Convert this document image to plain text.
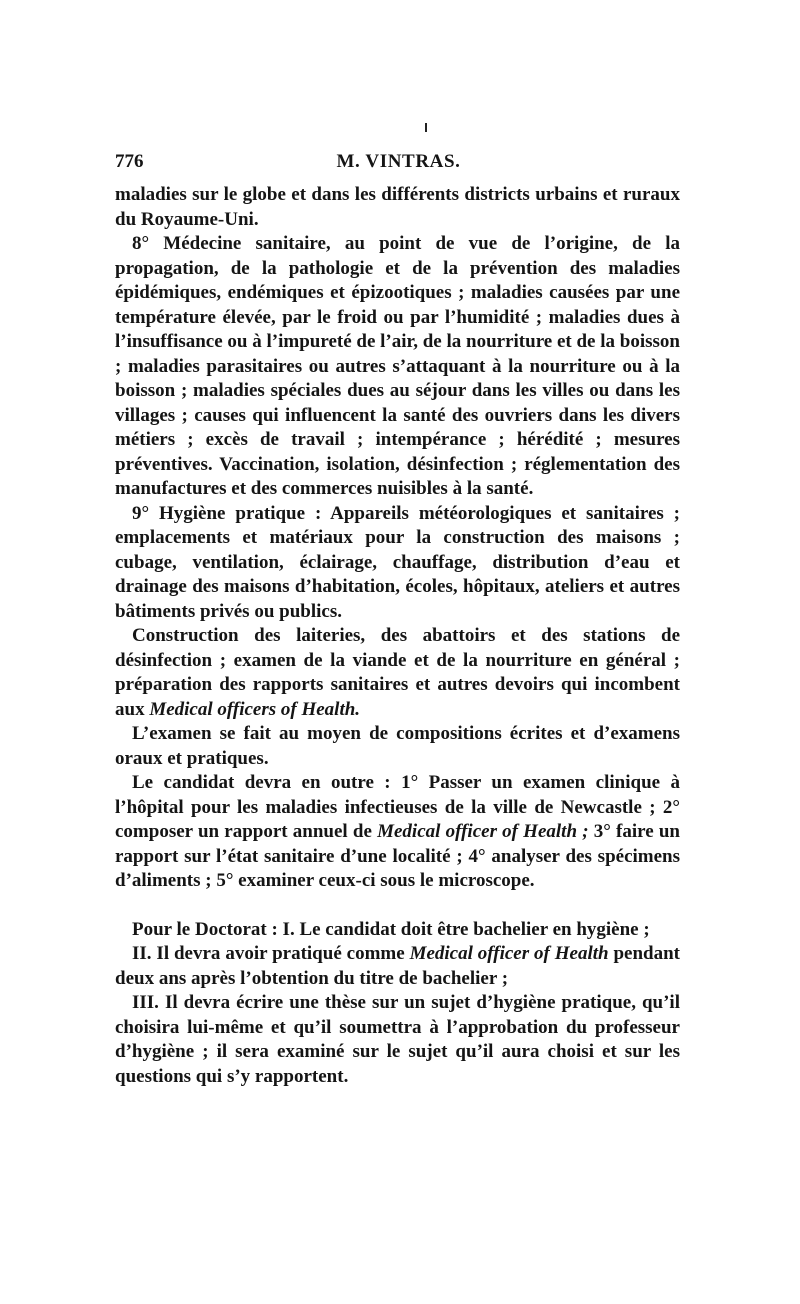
776	M. VINTRAS.

maladies sur le globe et dans les différents districts urbains et ruraux du Royaume-Uni.

8° Médecine sanitaire, au point de vue de l’origine, de la propagation, de la pathologie et de la prévention des maladies épidémiques, endémiques et épizootiques ; maladies causées par une température élevée, par le froid ou par l’humidité ; maladies dues à l’insuffisance ou à l’impureté de l’air, de la nourriture et de la boisson ; maladies parasitaires ou autres s’attaquant à la nourriture ou à la boisson ; maladies spéciales dues au séjour dans les villes ou dans les villages ; causes qui influencent la santé des ouvriers dans les divers métiers ; excès de travail ; intempérance ; hérédité ; mesures préventives. Vaccination, isolation, désinfection ; réglementation des manufactures et des commerces nuisibles à la santé.

9° Hygiène pratique : Appareils météorologiques et sanitaires ; emplacements et matériaux pour la construction des maisons ; cubage, ventilation, éclairage, chauffage, distribution d’eau et drainage des maisons d’habitation, écoles, hôpitaux, ateliers et autres bâtiments privés ou publics.

Construction des laiteries, des abattoirs et des stations de désinfection ; examen de la viande et de la nourriture en général ; préparation des rapports sanitaires et autres devoirs qui incombent aux Medical officers of Health.

L’examen se fait au moyen de compositions écrites et d’examens oraux et pratiques.

Le candidat devra en outre : 1° Passer un examen clinique à l’hôpital pour les maladies infectieuses de la ville de Newcastle ; 2° composer un rapport annuel de Medical officer of Health ; 3° faire un rapport sur l’état sanitaire d’une localité ; 4° analyser des spécimens d’aliments ; 5° examiner ceux-ci sous le microscope.

Pour le Doctorat : I. Le candidat doit être bachelier en hygiène ;

II. Il devra avoir pratiqué comme Medical officer of Health pendant deux ans après l’obtention du titre de bachelier ;

III. Il devra écrire une thèse sur un sujet d’hygiène pratique, qu’il choisira lui-même et qu’il soumettra à l’approbation du professeur d’hygiène ; il sera examiné sur le sujet qu’il aura choisi et sur les questions qui s’y rapportent.
